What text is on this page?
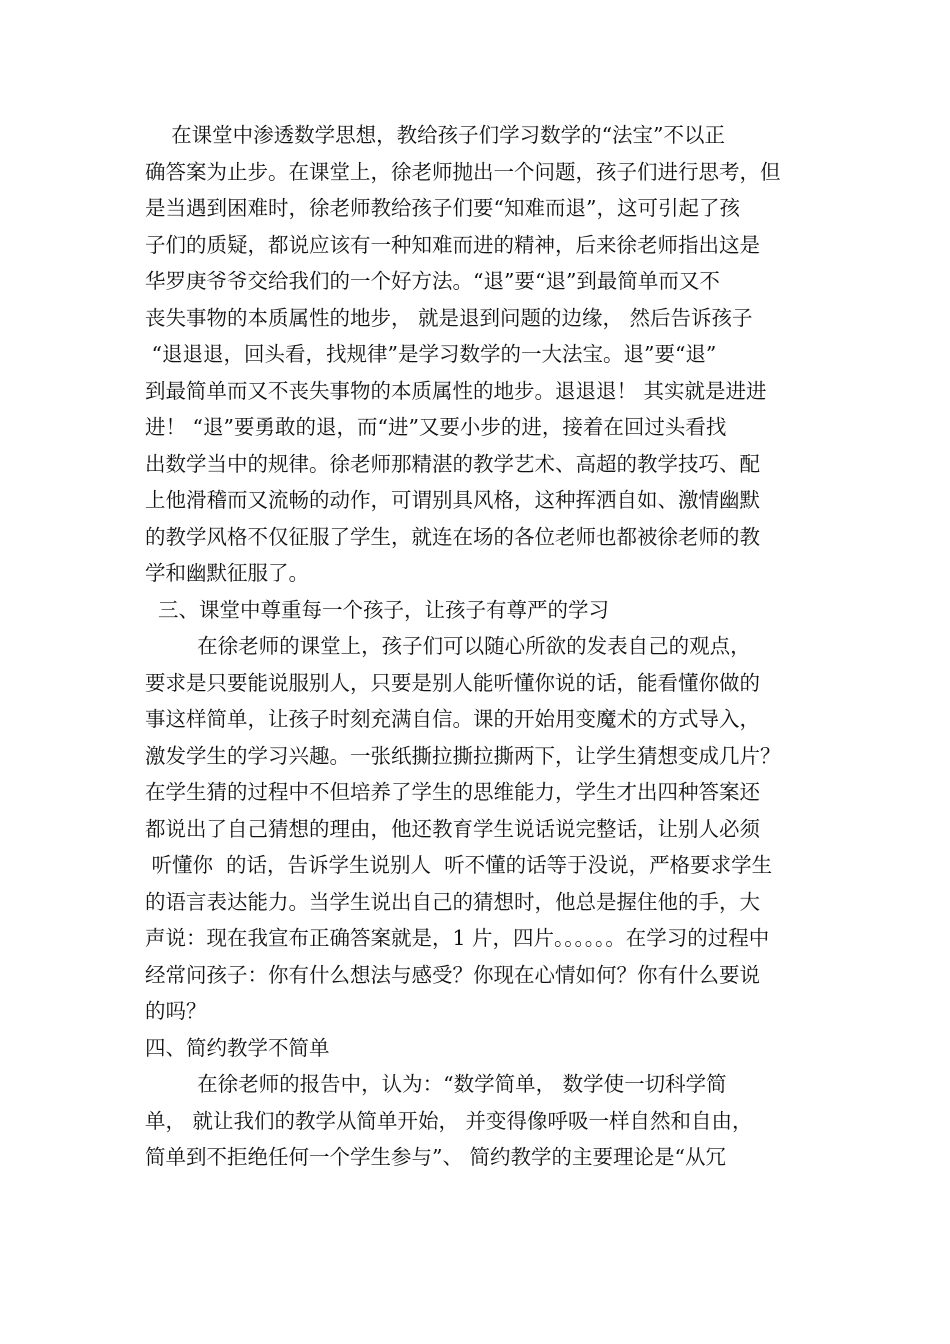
在课堂中渗透数学思想，教给孩子们学习数学的“法宝”不以正
确答案为止步。在课堂上，徐老师抛出一个问题，孩子们进行思考，但
是当遇到困难时，徐老师教给孩子们要“知难而退”，这可引起了孩
子们的质疑，都说应该有一种知难而进的精神，后来徐老师指出这是
华罗庚爷爷交给我们的一个好方法。“退”要“退”到最简单而又不
丧失事物的本质属性的地步， 就是退到问题的边缘， 然后告诉孩子
“退退退，回头看，找规律”是学习数学的一大法宝。退”要“退”
到最简单而又不丧失事物的本质属性的地步。退退退！ 其实就是进进
进！ “退”要勇敢的退，而“进”又要小步的进，接着在回过头看找
出数学当中的规律。徐老师那精湛的教学艺术、高超的教学技巧、配
上他滑稽而又流畅的动作，可谓别具风格，这种挥洒自如、激情幽默
的教学风格不仅征服了学生，就连在场的各位老师也都被徐老师的教
学和幽默征服了。
三、课堂中尊重每一个孩子，让孩子有尊严的学习
在徐老师的课堂上，孩子们可以随心所欲的发表自己的观点，
要求是只要能说服别人，只要是别人能听懂你说的话，能看懂你做的
事这样简单，让孩子时刻充满自信。课的开始用变魔术的方式导入，
激发学生的学习兴趣。一张纸撕拉撕拉撕两下，让学生猜想变成几片？
在学生猜的过程中不但培养了学生的思维能力，学生才出四种答案还
都说出了自己猜想的理由，他还教育学生说话说完整话，让别人必须
听懂你  的话，告诉学生说别人  听不懂的话等于没说，严格要求学生
的语言表达能力。当学生说出自己的猜想时，他总是握住他的手，大
声说：现在我宣布正确答案就是，1 片，四片。。。。。。在学习的过程中
经常问孩子：你有什么想法与感受？你现在心情如何？你有什么要说
的吗？
四、简约教学不简单
在徐老师的报告中，认为：“数学简单， 数学使一切科学简
单， 就让我们的教学从简单开始， 并变得像呼吸一样自然和自由，
简单到不拒绝任何一个学生参与”、 简约教学的主要理论是“从冗
